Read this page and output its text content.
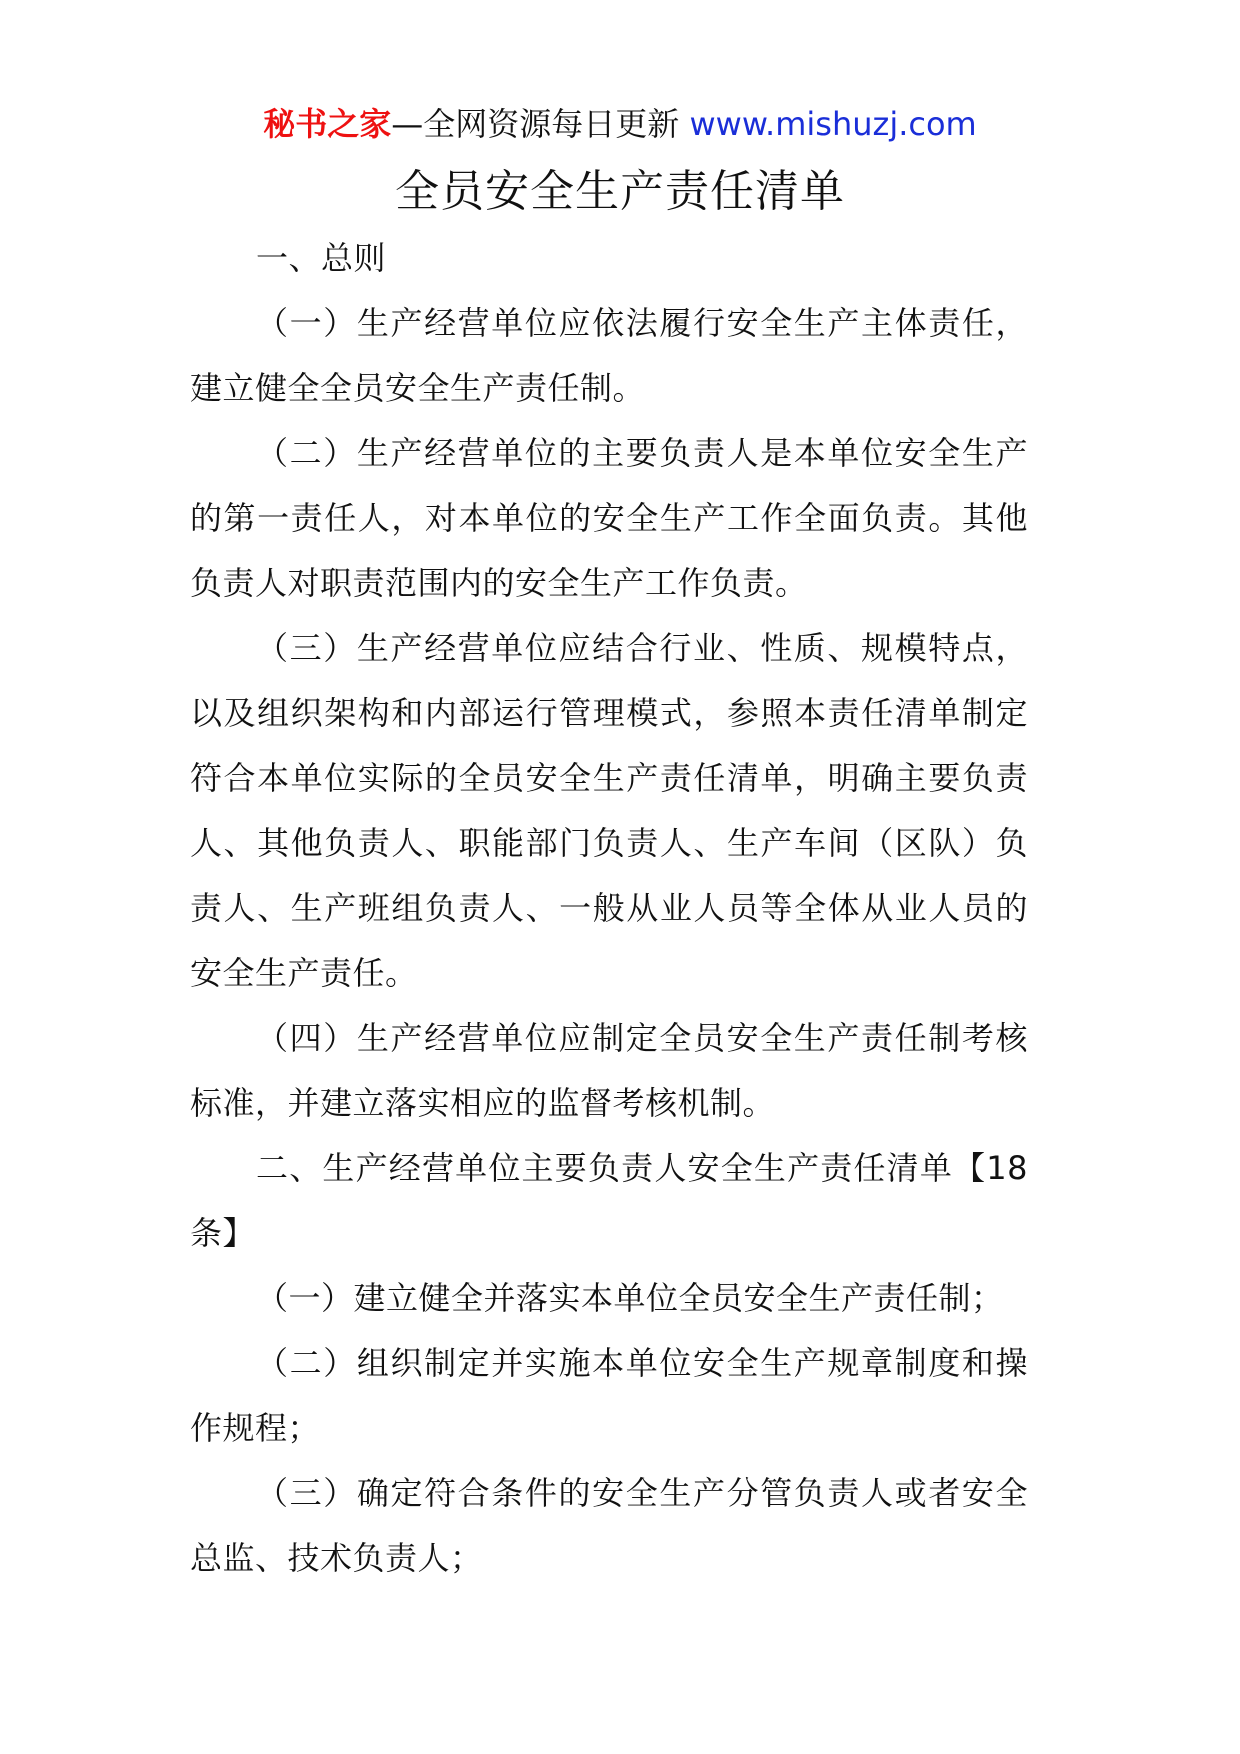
秘书之家—全网资源每日更新 www.mishuzj.com
全员安全生产责任清单

一、总则

（一）生产经营单位应依法履行安全生产主体责任，建立健全全员安全生产责任制。

（二）生产经营单位的主要负责人是本单位安全生产的第一责任人，对本单位的安全生产工作全面负责。其他负责人对职责范围内的安全生产工作负责。

（三）生产经营单位应结合行业、性质、规模特点，以及组织架构和内部运行管理模式，参照本责任清单制定符合本单位实际的全员安全生产责任清单，明确主要负责人、其他负责人、职能部门负责人、生产车间（区队）负责人、生产班组负责人、一般从业人员等全体从业人员的安全生产责任。

（四）生产经营单位应制定全员安全生产责任制考核标准，并建立落实相应的监督考核机制。

二、生产经营单位主要负责人安全生产责任清单【18条】

（一）建立健全并落实本单位全员安全生产责任制；

（二）组织制定并实施本单位安全生产规章制度和操作规程；

（三）确定符合条件的安全生产分管负责人或者安全总监、技术负责人；
